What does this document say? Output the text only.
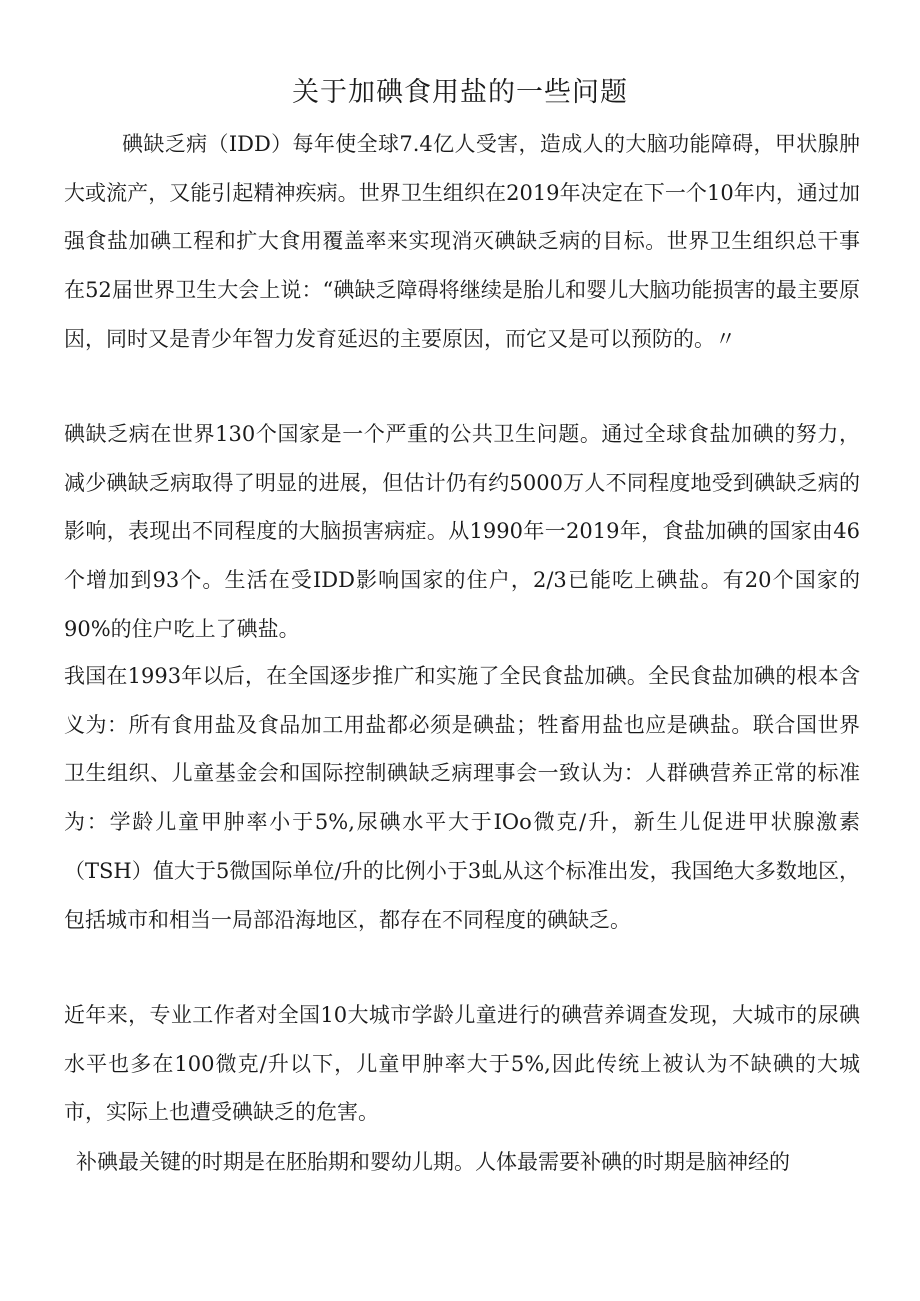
关于加碘食用盐的一些问题

碘缺乏病（IDD）每年使全球7.4亿人受害，造成人的大脑功能障碍，甲状腺肿大或流产，又能引起精神疾病。世界卫生组织在2019年决定在下一个10年内，通过加强食盐加碘工程和扩大食用覆盖率来实现消灭碘缺乏病的目标。世界卫生组织总干事在52届世界卫生大会上说：“碘缺乏障碍将继续是胎儿和婴儿大脑功能损害的最主要原因，同时又是青少年智力发育延迟的主要原因，而它又是可以预防的。〃

碘缺乏病在世界130个国家是一个严重的公共卫生问题。通过全球食盐加碘的努力，减少碘缺乏病取得了明显的进展，但估计仍有约5000万人不同程度地受到碘缺乏病的影响，表现出不同程度的大脑损害病症。从1990年一2019年，食盐加碘的国家由46个增加到93个。生活在受IDD影响国家的住户，2/3已能吃上碘盐。有20个国家的90%的住户吃上了碘盐。

我国在1993年以后，在全国逐步推广和实施了全民食盐加碘。全民食盐加碘的根本含义为：所有食用盐及食品加工用盐都必须是碘盐；牲畜用盐也应是碘盐。联合国世界卫生组织、儿童基金会和国际控制碘缺乏病理事会一致认为：人群碘营养正常的标准为：学龄儿童甲肿率小于5%,尿碘水平大于IOo微克/升，新生儿促进甲状腺激素（TSH）值大于5微国际单位/升的比例小于3虬从这个标准出发，我国绝大多数地区，包括城市和相当一局部沿海地区，都存在不同程度的碘缺乏。

近年来，专业工作者对全国10大城市学龄儿童进行的碘营养调查发现，大城市的尿碘水平也多在100微克/升以下，儿童甲肿率大于5%,因此传统上被认为不缺碘的大城市，实际上也遭受碘缺乏的危害。

补碘最关键的时期是在胚胎期和婴幼儿期。人体最需要补碘的时期是脑神经的
